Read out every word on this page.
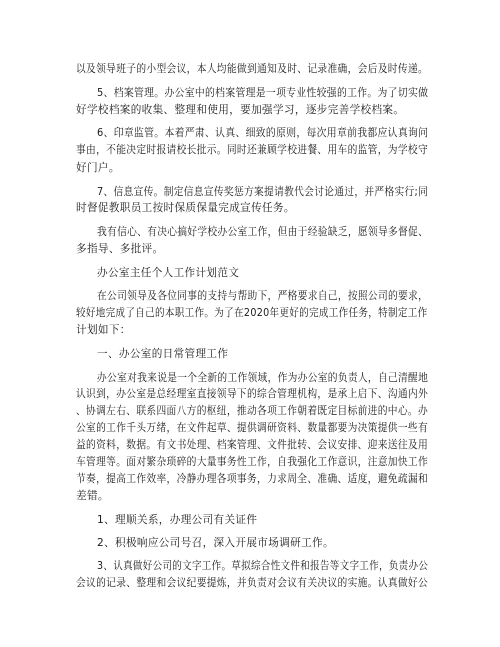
以及领导班子的小型会议，本人均能做到通知及时、记录准确，会后及时传递。
5、档案管理。办公室中的档案管理是一项专业性较强的工作。为了切实做
好学校档案的收集、整理和使用，要加强学习，逐步完善学校档案。
6、印章监管。本着严肃、认真、细致的原则，每次用章前我都应认真询问
事由，不能决定时报请校长批示。同时还兼顾学校进餐、用车的监管，为学校守
好门户。
7、信息宣传。制定信息宣传奖惩方案提请教代会讨论通过，并严格实行;同
时督促教职员工按时保质保量完成宣传任务。
我有信心、有决心搞好学校办公室工作，但由于经验缺乏，愿领导多督促、
多指导、多批评。
办公室主任个人工作计划范文
在公司领导及各位同事的支持与帮助下，严格要求自己，按照公司的要求，
较好地完成了自己的本职工作。为了在2020年更好的完成工作任务，特制定工作
计划如下：
一、办公室的日常管理工作
办公室对我来说是一个全新的工作领域，作为办公室的负责人，自己清醒地
认识到，办公室是总经理室直接领导下的综合管理机构，是承上启下、沟通内外
、协调左右、联系四面八方的枢纽，推动各项工作朝着既定目标前进的中心。办
公室的工作千头万绪，在文件起草、提供调研资料、数量都要为决策提供一些有
益的资料，数据。有文书处理、档案管理、文件批转、会议安排、迎来送往及用
车管理等。面对繁杂琐碎的大量事务性工作，自我强化工作意识，注意加快工作
节奏，提高工作效率，冷静办理各项事务，力求周全、准确、适度，避免疏漏和
差错。
1、理顺关系，办理公司有关证件
2、积极响应公司号召，深入开展市场调研工作。
3、认真做好公司的文字工作。草拟综合性文件和报告等文字工作，负责办公
会议的记录、整理和会议纪要提炼，并负责对会议有关决议的实施。认真做好公
